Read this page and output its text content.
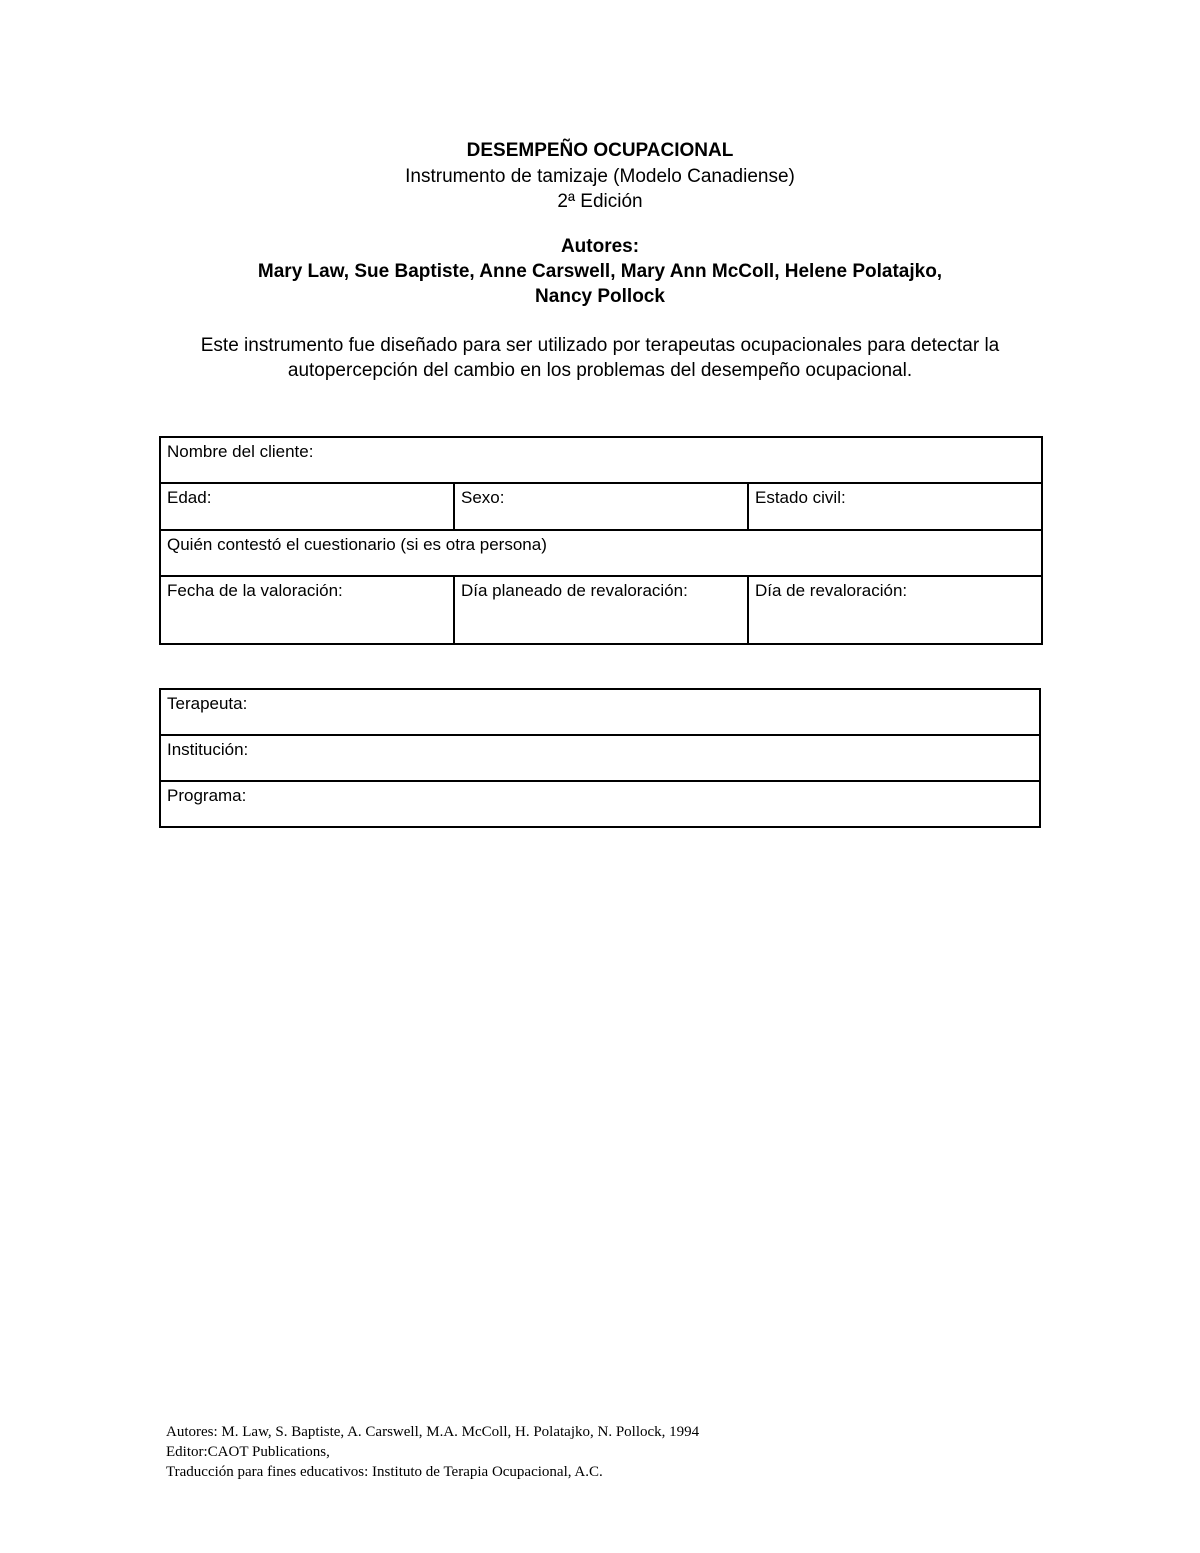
DESEMPEÑO OCUPACIONAL

Instrumento de tamizaje (Modelo Canadiense)

2ª Edición

Autores:

Mary Law, Sue Baptiste, Anne Carswell, Mary Ann McColl, Helene Polatajko,

Nancy Pollock

Este instrumento fue diseñado para ser utilizado por terapeutas ocupacionales para detectar la autopercepción del cambio en los problemas del desempeño ocupacional.

Nombre del cliente:		
Edad:	Sexo:	Estado civil:
Quién contestó el cuestionario (si es otra persona)		
Fecha de la valoración:	Día planeado de revaloración:	Día de revaloración:
Terapeuta:
Institución:
Programa:
Autores: M. Law, S. Baptiste, A. Carswell, M.A. McColl, H. Polatajko, N. Pollock, 1994
Editor:CAOT Publications,
Traducción para fines educativos: Instituto de Terapia Ocupacional, A.C.
